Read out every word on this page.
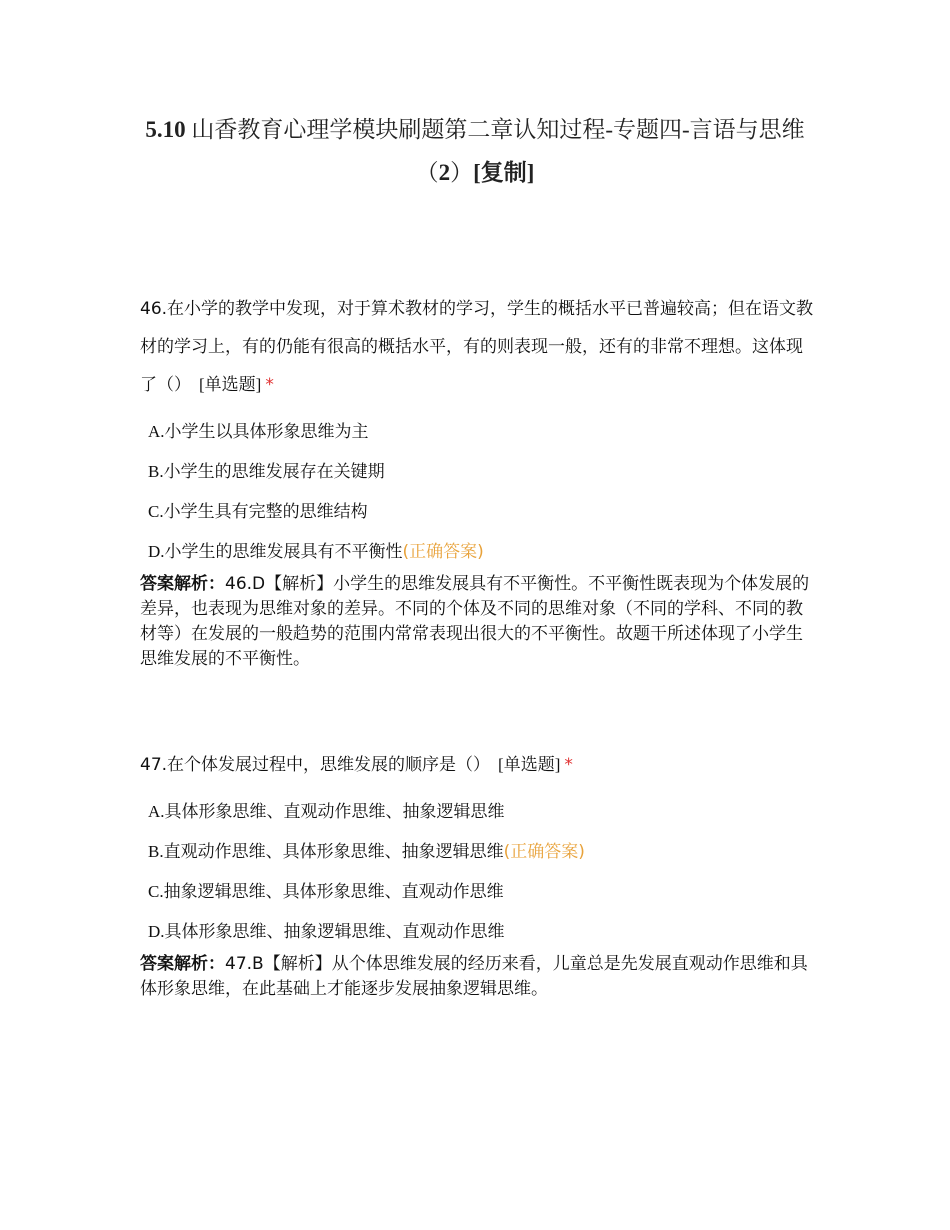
5.10 山香教育心理学模块刷题第二章认知过程-专题四-言语与思维（2）[复制]
46.在小学的教学中发现，对于算术教材的学习，学生的概括水平已普遍较高；但在语文教材的学习上，有的仍能有很高的概括水平，有的则表现一般，还有的非常不理想。这体现了（） [单选题] *
A.小学生以具体形象思维为主
B.小学生的思维发展存在关键期
C.小学生具有完整的思维结构
D.小学生的思维发展具有不平衡性(正确答案)
答案解析：46.D【解析】小学生的思维发展具有不平衡性。不平衡性既表现为个体发展的差异，也表现为思维对象的差异。不同的个体及不同的思维对象（不同的学科、不同的教材等）在发展的一般趋势的范围内常常表现出很大的不平衡性。故题干所述体现了小学生思维发展的不平衡性。
47.在个体发展过程中，思维发展的顺序是（） [单选题] *
A.具体形象思维、直观动作思维、抽象逻辑思维
B.直观动作思维、具体形象思维、抽象逻辑思维(正确答案)
C.抽象逻辑思维、具体形象思维、直观动作思维
D.具体形象思维、抽象逻辑思维、直观动作思维
答案解析：47.B【解析】从个体思维发展的经历来看，儿童总是先发展直观动作思维和具体形象思维，在此基础上才能逐步发展抽象逻辑思维。
